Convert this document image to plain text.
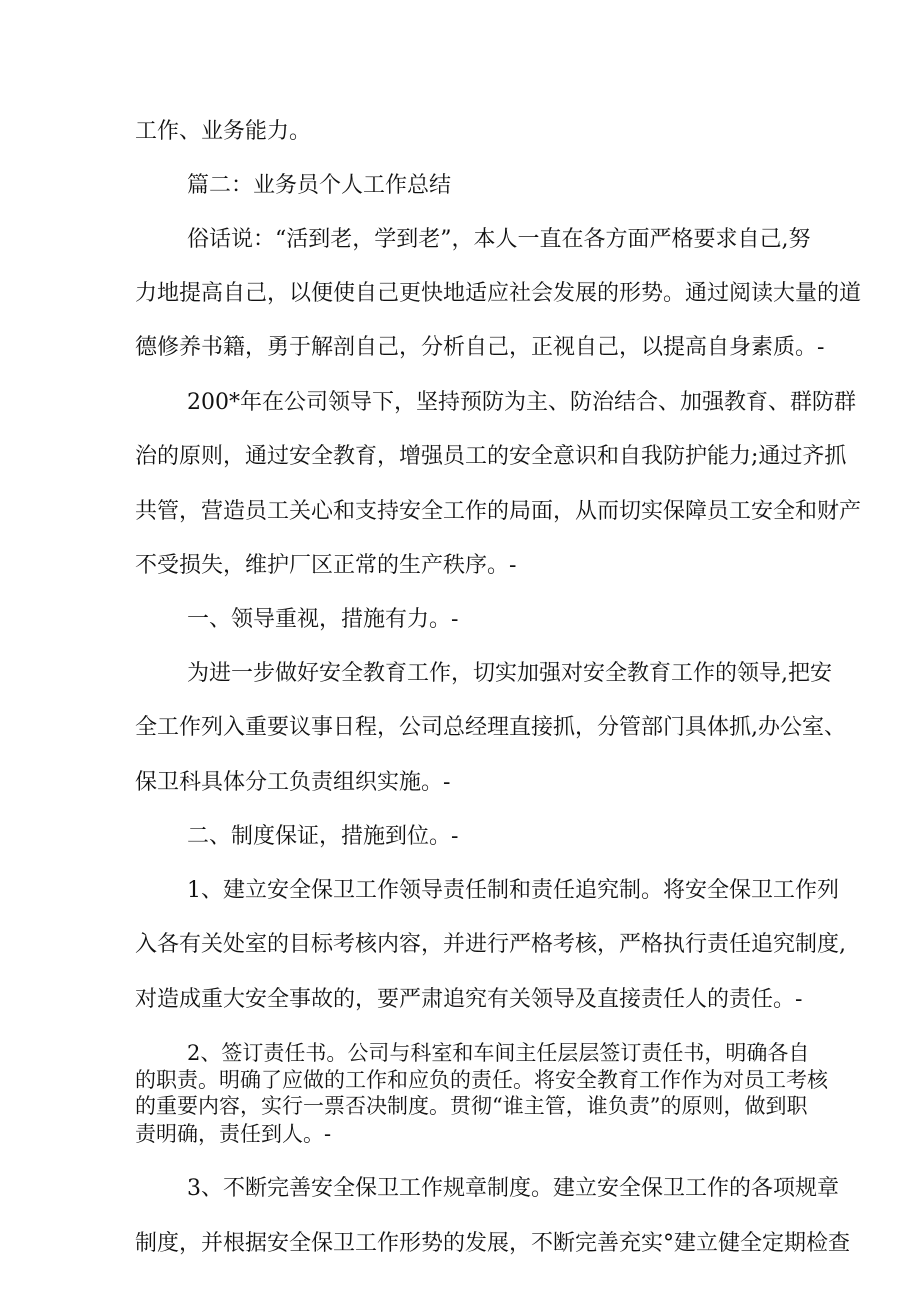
工作、业务能力。

篇二：业务员个人工作总结

俗话说：“活到老，学到老”，本人一直在各方面严格要求自己,努

力地提高自己，以便使自己更快地适应社会发展的形势。通过阅读大量的道

德修养书籍，勇于解剖自己，分析自己，正视自己，以提高自身素质。-

200*年在公司领导下，坚持预防为主、防治结合、加强教育、群防群

治的原则，通过安全教育，增强员工的安全意识和自我防护能力;通过齐抓

共管，营造员工关心和支持安全工作的局面，从而切实保障员工安全和财产

不受损失，维护厂区正常的生产秩序。-

一、领导重视，措施有力。-

为进一步做好安全教育工作，切实加强对安全教育工作的领导,把安

全工作列入重要议事日程，公司总经理直接抓，分管部门具体抓,办公室、

保卫科具体分工负责组织实施。-

二、制度保证，措施到位。-

1、建立安全保卫工作领导责任制和责任追究制。将安全保卫工作列

入各有关处室的目标考核内容，并进行严格考核，严格执行责任追究制度,

对造成重大安全事故的，要严肃追究有关领导及直接责任人的责任。-

2、签订责任书。公司与科室和车间主任层层签订责任书，明确各自

的职责。明确了应做的工作和应负的责任。将安全教育工作作为对员工考核

的重要内容，实行一票否决制度。贯彻“谁主管，谁负责”的原则，做到职

责明确，责任到人。-

3、不断完善安全保卫工作规章制度。建立安全保卫工作的各项规章

制度，并根据安全保卫工作形势的发展，不断完善充实°建立健全定期检查
